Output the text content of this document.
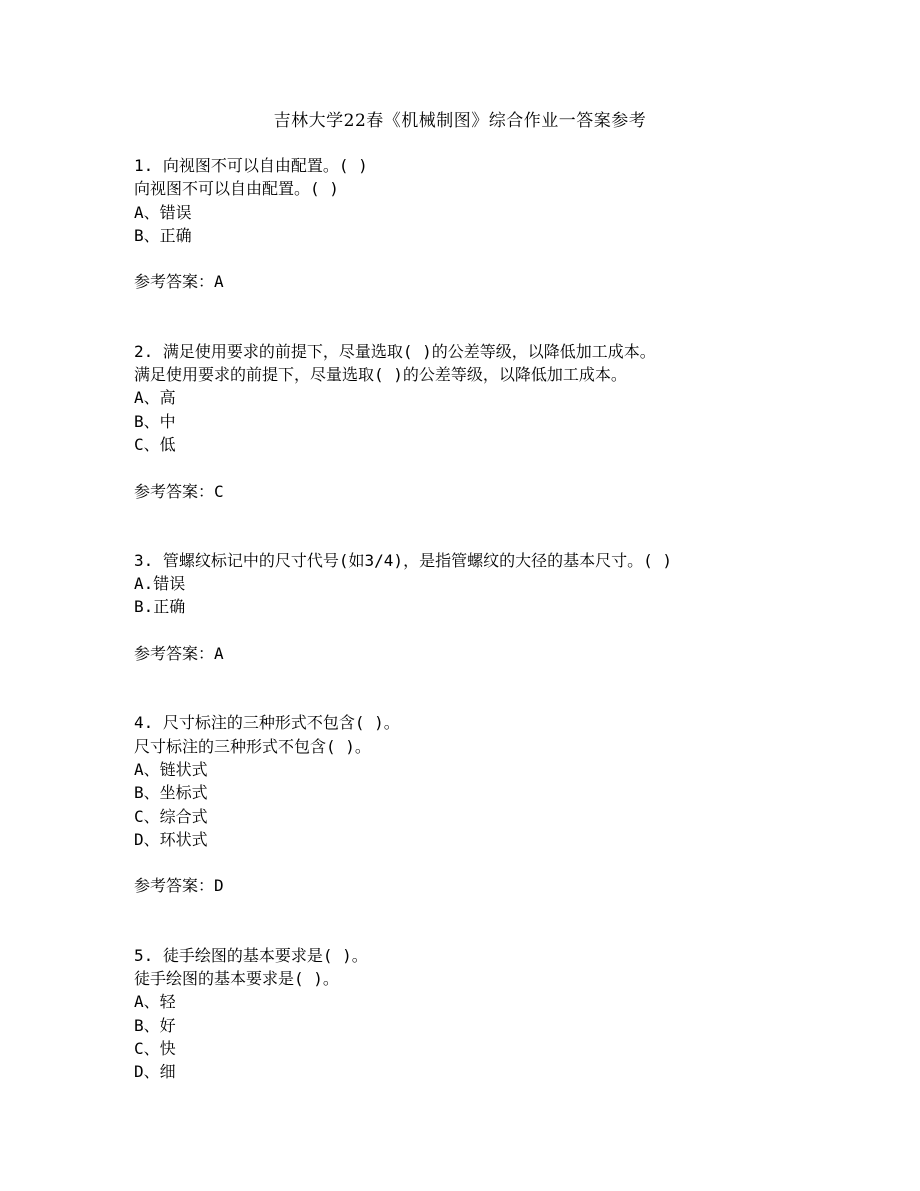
吉林大学22春《机械制图》综合作业一答案参考
1. 向视图不可以自由配置。( )
向视图不可以自由配置。( )
A、错误
B、正确
参考答案：A
2. 满足使用要求的前提下，尽量选取( )的公差等级，以降低加工成本。
满足使用要求的前提下，尽量选取( )的公差等级，以降低加工成本。
A、高
B、中
C、低
参考答案：C
3. 管螺纹标记中的尺寸代号(如3/4)，是指管螺纹的大径的基本尺寸。( )
A.错误
B.正确
参考答案：A
4. 尺寸标注的三种形式不包含( )。
尺寸标注的三种形式不包含( )。
A、链状式
B、坐标式
C、综合式
D、环状式
参考答案：D
5. 徒手绘图的基本要求是( )。
徒手绘图的基本要求是( )。
A、轻
B、好
C、快
D、细
